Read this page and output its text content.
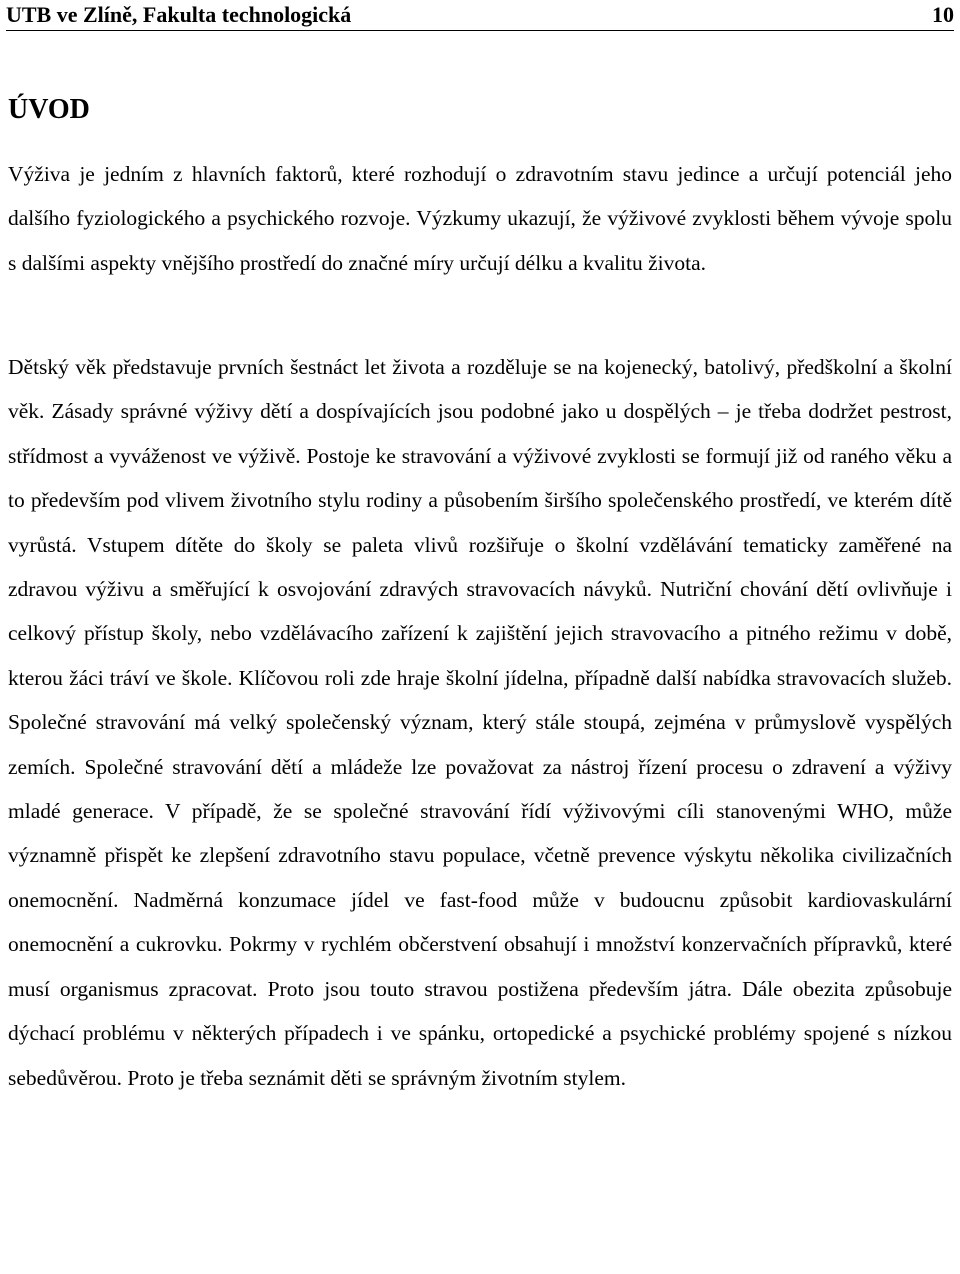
UTB ve Zlíně, Fakultа technologická	10
ÚVOD

Výživa je jedním z hlavních faktorů, které rozhodují o zdravotním stavu jedince a určují potenciál jeho dalšího fyziologického a psychického rozvoje. Výzkumy ukazují, že výživové zvyklosti během vývoje spolu s dalšími aspekty vnějšího prostředí do značné míry určují délku a kvalitu života.

Dětský věk představuje prvních šestnáct let života a rozděluje se na kojenecký, batolivý, předškolní a školní věk. Zásady správné výživy dětí a dospívajících jsou podobné jako u dospělých – je třeba dodržet pestrost, střídmost a vyváženost ve výživě. Postoje ke stravování a výživové zvyklosti se formují již od raného věku a to především pod vlivem životního stylu rodiny a působením širšího společenského prostředí, ve kterém dítě vyrůstá. Vstupem dítěte do školy se paleta vlivů rozšiřuje o školní vzdělávání tematicky zaměřené na zdravou výživu a směřující k osvojování zdravých stravovacích návyků. Nutriční chování dětí ovlivňuje i celkový přístup školy, nebo vzdělávacího zařízení k zajištění jejich stravovacího a pitného režimu v době, kterou žáci tráví ve škole. Klíčovou roli zde hraje školní jídelna, případně další nabídka stravovacích služeb. Společné stravování má velký společenský význam, který stále stoupá, zejména v průmyslově vyspělých zemích. Společné stravování dětí a mládeže lze považovat za nástroj řízení procesu o zdravení a výživy mladé generace. V případě, že se společné stravování řídí výživovými cíli stanovenými WHO, může významně přispět ke zlepšení zdravotního stavu populace, včetně prevence výskytu několika civilizačních onemocnění. Nadměrná konzumace jídel ve fast-food může v budoucnu způsobit kardiovaskulární onemocnění a cukrovku. Pokrmy v rychlém občerstvení obsahují i množství konzervačních přípravků, které musí organismus zpracovat. Proto jsou touto stravou postižena především játra. Dále obezita způsobuje dýchací problému v některých případech i ve spánku, ortopedické a psychické problémy spojené s nízkou sebedůvěrou. Proto je třeba seznámit děti se správným životním stylem.
